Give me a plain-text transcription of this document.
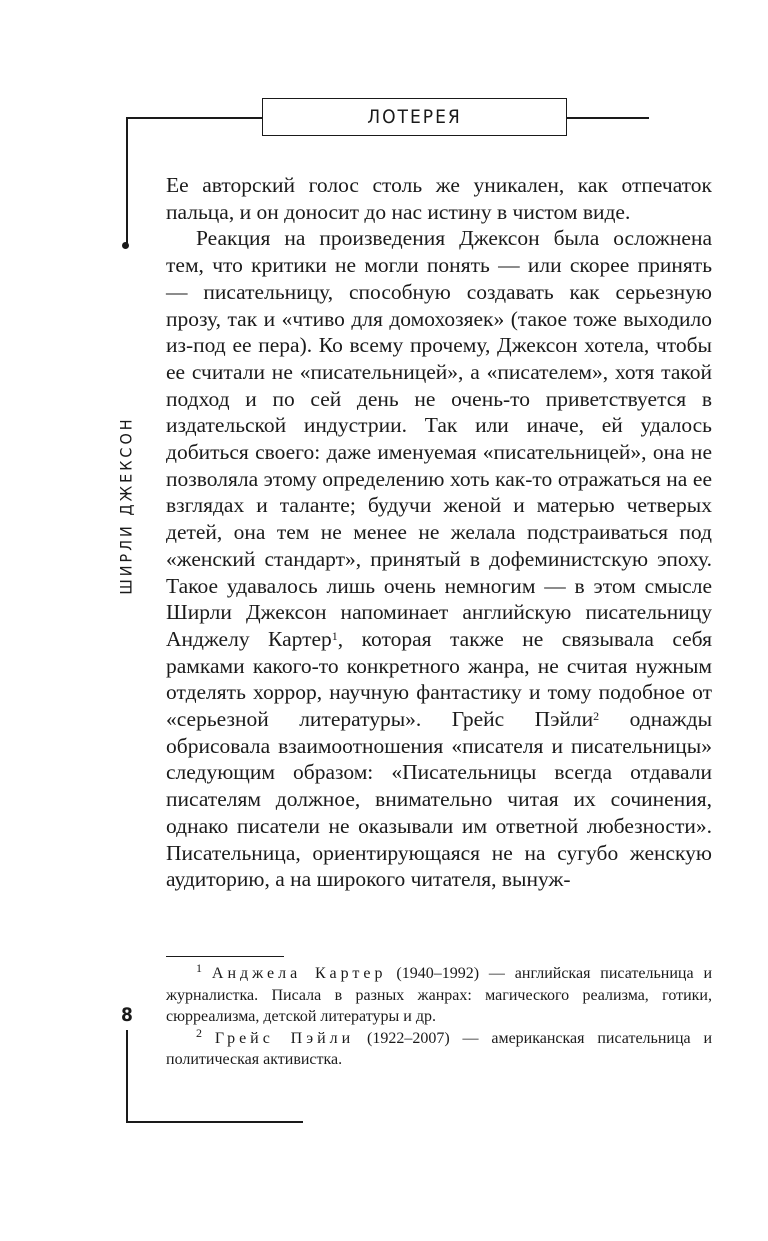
ЛОТЕРЕЯ
ШИРЛИ ДЖЕКСОН
8

Ее авторский голос столь же уникален, как отпечаток пальца, и он доносит до нас истину в чистом виде.

Реакция на произведения Джексон была осложнена тем, что критики не могли понять — или скорее принять — писательницу, способную создавать как серьезную прозу, так и «чтиво для домохозяек» (такое тоже выходило из-под ее пера). Ко всему прочему, Джексон хотела, чтобы ее считали не «писательницей», а «писателем», хотя такой подход и по сей день не очень-то приветствуется в издательской индустрии. Так или иначе, ей удалось добиться своего: даже именуемая «писательницей», она не позволяла этому определению хоть как-то отражаться на ее взглядах и таланте; будучи женой и матерью четверых детей, она тем не менее не желала подстраиваться под «женский стандарт», принятый в дофеминистскую эпоху. Такое удавалось лишь очень немногим — в этом смысле Ширли Джексон напоминает английскую писательницу Анджелу Картер$^1$, которая также не связывала себя рамками какого-то конкретного жанра, не считая нужным отделять хоррор, научную фантастику и тому подобное от «серьезной литературы». Грейс Пэйли$^2$ однажды обрисовала взаимоотношения «писателя и писательницы» следующим образом: «Писательницы всегда отдавали писателям должное, внимательно читая их сочинения, однако писатели не оказывали им ответной любезности». Писательница, ориентирующаяся не на сугубо женскую аудиторию, а на широкого читателя, вынуж-

$^1$ Анджела Картер (1940–1992) — английская писательница и журналистка. Писала в разных жанрах: магического реализма, готики, сюрреализма, детской литературы и др.

$^2$ Грейс Пэйли (1922–2007) — американская писательница и политическая активистка.
